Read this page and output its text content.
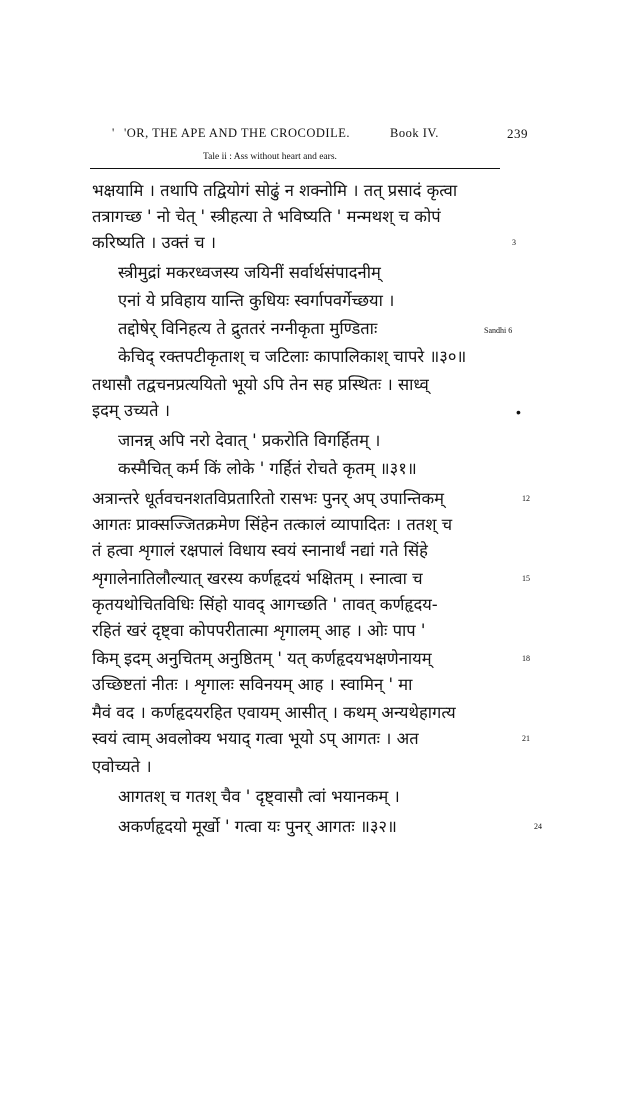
' 'OR, THE APE AND THE CROCODILE.	Book IV.	239
Tale ii : Ass without heart and ears.
भक्षयामि । तथापि तद्वियोगं सोढुं न शक्नोमि । तत् प्रसादं कृत्वा
तत्रागच्छ ' नो चेत् ' स्त्रीहत्या ते भविष्यति ' मन्मथश् च कोपं
करिष्यति । उक्तं च ।
स्त्रीमुद्रां मकरध्वजस्य जयिनीं सर्वार्थसंपादनीम्
एनां ये प्रविहाय यान्ति कुधियः स्वर्गापवर्गेच्छया ।
तद्दोषेर् विनिहत्य ते द्रुततरं नग्नीकृता मुण्डिताः
केचिद् रक्तपटीकृताश् च जटिलाः कापालिकाश् चापरे ॥३०॥
तथासौ तद्वचनप्रत्ययितो भूयो ऽपि तेन सह प्रस्थितः । साध्व्
इदम् उच्यते ।
जानन्न् अपि नरो देवात् ' प्रकरोति विगर्हितम् ।
कस्मैचित् कर्म किं लोके ' गर्हितं रोचते कृतम् ॥३१॥
अत्रान्तरे धूर्तवचनशतविप्रतारितो रासभः पुनर् अप् उपान्तिकम्
आगतः प्राक्सज्जितक्रमेण सिंहेन तत्कालं व्यापादितः । ततश् च
तं हत्वा शृगालं रक्षपालं विधाय स्वयं स्नानार्थं नद्यां गते सिंहे
शृगालेनातिलौल्यात् खरस्य कर्णहृदयं भक्षितम् । स्नात्वा च
कृतयथोचितविधिः सिंहो यावद् आगच्छति ' तावत् कर्णहृदय-
रहितं खरं दृष्ट्वा कोपपरीतात्मा शृगालम् आह । ओः पाप '
किम् इदम् अनुचितम् अनुष्ठितम् ' यत् कर्णहृदयभक्षणेनायम्
उच्छिष्टतां नीतः । शृगालः सविनयम् आह । स्वामिन् ' मा
मैवं वद । कर्णहृदयरहित एवायम् आसीत् । कथम् अन्यथेहागत्य
स्वयं त्वाम् अवलोक्य भयाद् गत्वा भूयो ऽप् आगतः । अत
एवोच्यते ।
आगतश् च गतश् चैव ' दृष्ट्वासौ त्वां भयानकम् ।
अकर्णहृदयो मूर्खो ' गत्वा यः पुनर् आगतः ॥३२॥
3
12
15
18
21
24
Sandhi 6
•
